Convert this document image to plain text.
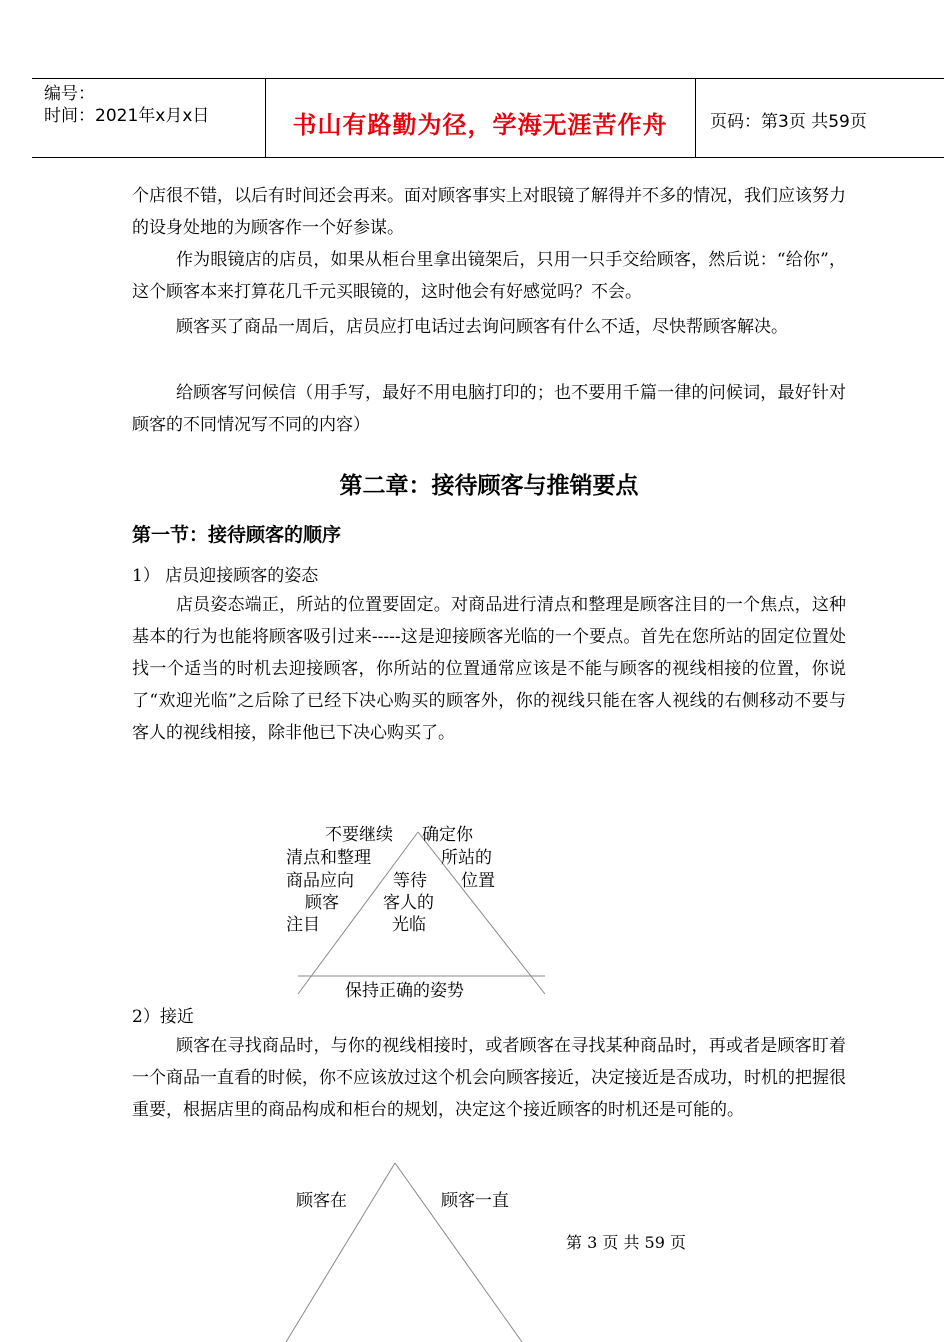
编号：
时间：2021年x月x日	书山有路勤为径，学海无涯苦作舟	页码：第3页 共59页

个店很不错，以后有时间还会再来。面对顾客事实上对眼镜了解得并不多的情况，我们应该努力的设身处地的为顾客作一个好参谋。

作为眼镜店的店员，如果从柜台里拿出镜架后，只用一只手交给顾客，然后说：“给你”，这个顾客本来打算花几千元买眼镜的，这时他会有好感觉吗？不会。

顾客买了商品一周后，店员应打电话过去询问顾客有什么不适，尽快帮顾客解决。

给顾客写问候信（用手写，最好不用电脑打印的；也不要用千篇一律的问候词，最好针对顾客的不同情况写不同的内容）

第二章：接待顾客与推销要点
第一节：接待顾客的顺序
1） 店员迎接顾客的姿态

店员姿态端正，所站的位置要固定。对商品进行清点和整理是顾客注目的一个焦点，这种基本的行为也能将顾客吸引过来-----这是迎接顾客光临的一个要点。首先在您所站的固定位置处找一个适当的时机去迎接顾客，你所站的位置通常应该是不能与顾客的视线相接的位置，你说了“欢迎光临”之后除了已经下决心购买的顾客外，你的视线只能在客人视线的右侧移动不要与客人的视线相接，除非他已下决心购买了。

不要继续
清点和整理
商品应向
顾客
注目
确定你
所站的
位置
等待
客人的
光临
保持正确的姿势
2）接近

顾客在寻找商品时，与你的视线相接时，或者顾客在寻找某种商品时，再或者是顾客盯着一个商品一直看的时候，你不应该放过这个机会向顾客接近，决定接近是否成功，时机的把握很重要，根据店里的商品构成和柜台的规划，决定这个接近顾客的时机还是可能的。

顾客在	顾客一直
第 3 页 共 59 页
